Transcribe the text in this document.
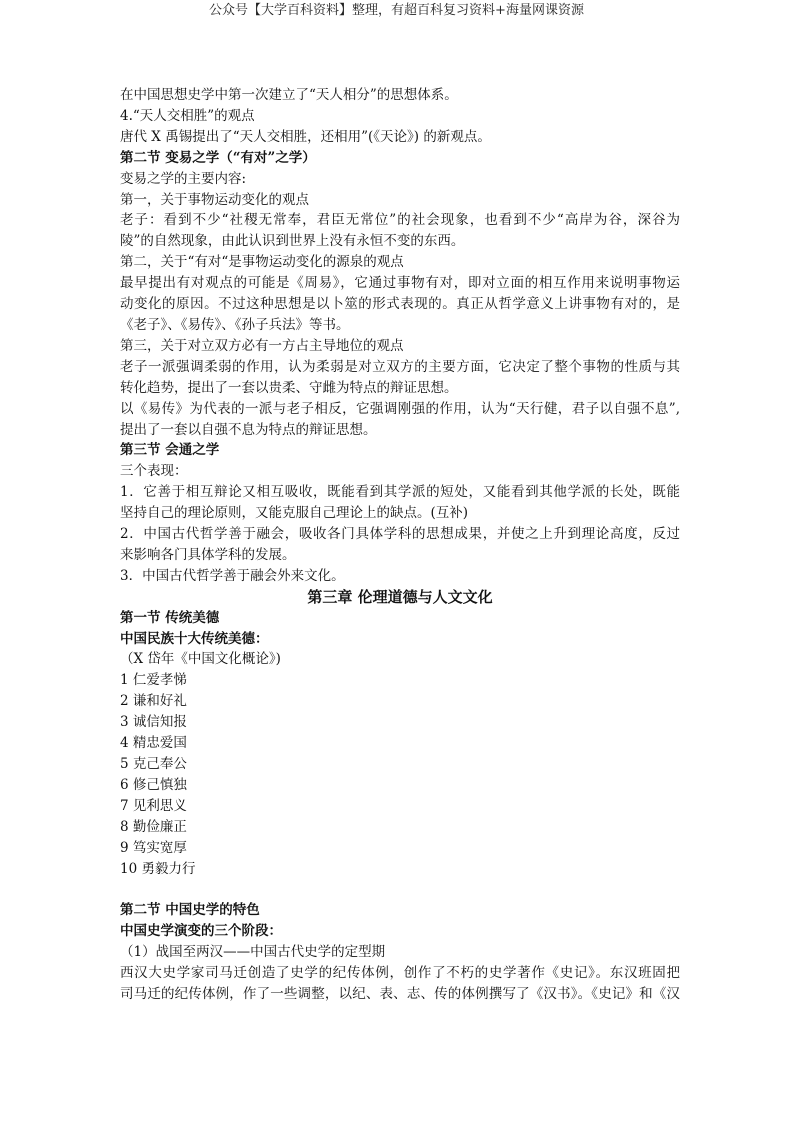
公众号【大学百科资料】整理，有超百科复习资料+海量网课资源
在中国思想史学中第一次建立了“天人相分”的思想体系。
4.“天人交相胜”的观点
唐代 X 禹锡提出了“天人交相胜，还相用”(《天论》) 的新观点。
第二节 变易之学（“有对”之学）
变易之学的主要内容:
第一，关于事物运动变化的观点
老子：看到不少“社稷无常奉，君臣无常位”的社会现象，也看到不少“高岸为谷，深谷为
陵”的自然现象，由此认识到世界上没有永恒不变的东西。
第二，关于“有对“是事物运动变化的源泉的观点
最早提出有对观点的可能是《周易》，它通过事物有对，即对立面的相互作用来说明事物运
动变化的原因。不过这种思想是以卜筮的形式表现的。真正从哲学意义上讲事物有对的，是
《老子》、《易传》、《孙子兵法》等书。
第三，关于对立双方必有一方占主导地位的观点
老子一派强调柔弱的作用，认为柔弱是对立双方的主要方面，它决定了整个事物的性质与其
转化趋势，提出了一套以贵柔、守雌为特点的辩证思想。
以《易传》为代表的一派与老子相反，它强调刚强的作用，认为“天行健，君子以自强不息”,
提出了一套以自强不息为特点的辩证思想。
第三节 会通之学
三个表现：
1．它善于相互辩论又相互吸收，既能看到其学派的短处，又能看到其他学派的长处，既能
坚持自己的理论原则，又能克服自己理论上的缺点。(互补)
2．中国古代哲学善于融会，吸收各门具体学科的思想成果，并使之上升到理论高度，反过
来影响各门具体学科的发展。
3．中国古代哲学善于融会外来文化。
第三章 伦理道德与人文文化
第一节 传统美德
中国民族十大传统美德：
（X 岱年《中国文化概论》)
1 仁爱孝悌
2 谦和好礼
3 诚信知报
4 精忠爱国
5 克己奉公
6 修己慎独
7 见利思义
8 勤俭廉正
9 笃实宽厚
10 勇毅力行
第二节 中国史学的特色
中国史学演变的三个阶段：
（1）战国至两汉——中国古代史学的定型期
西汉大史学家司马迁创造了史学的纪传体例，创作了不朽的史学著作《史记》。东汉班固把
司马迁的纪传体例，作了一些调整，以纪、表、志、传的体例撰写了《汉书》。《史记》和《汉
